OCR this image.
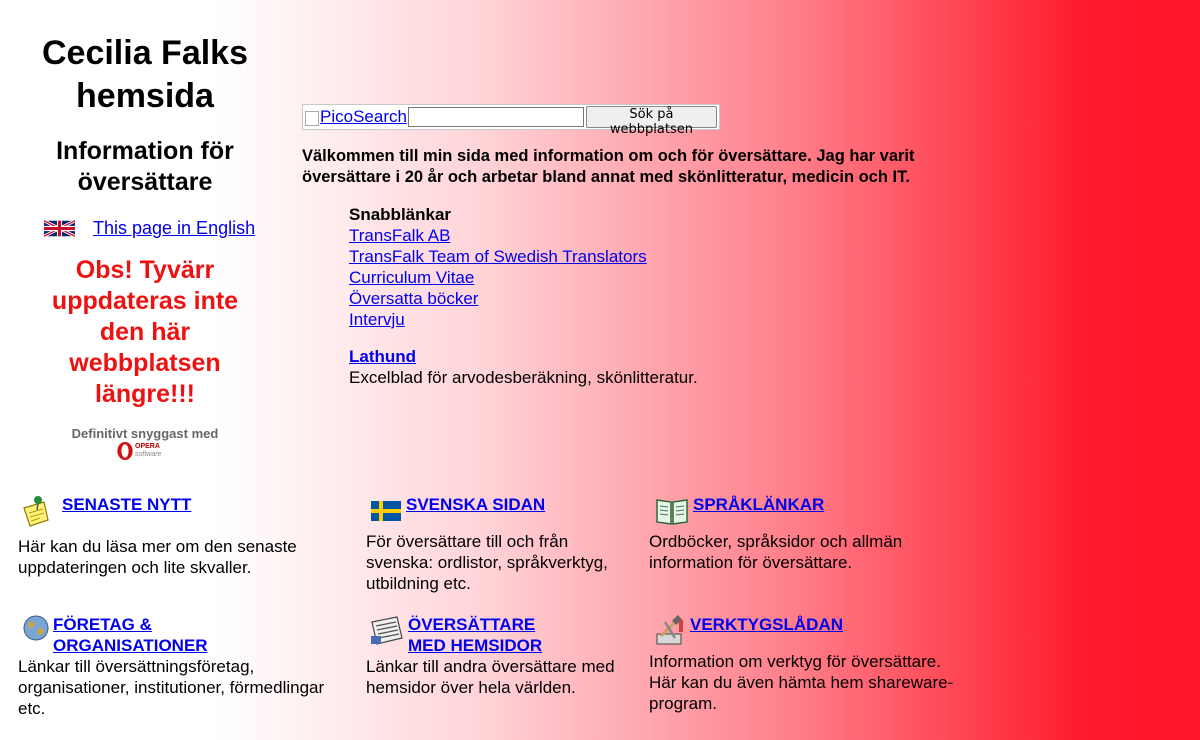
Cecilia Falks
hemsida
Information för
översättare
This page in English
Obs! Tyvärr uppdateras inte den här webbplatsen längre!!!
Definitivt snyggast med
OPERA
software
PicoSearch	Sök på webbplatsen
Välkommen till min sida med information om och för översättare. Jag har varit översättare i 20 år och arbetar bland annat med skönlitteratur, medicin och IT.
Snabblänkar
TransFalk AB
TransFalk Team of Swedish Translators
Curriculum Vitae
Översatta böcker
Intervju
Lathund
Excelblad för arvodesberäkning, skönlitteratur.
SENASTE NYTT
Här kan du läsa mer om den senaste uppdateringen och lite skvaller.
SVENSKA SIDAN
För översättare till och från svenska: ordlistor, språkverktyg, utbildning etc.
SPRÅKLÄNKAR
Ordböcker, språksidor och allmän information för översättare.
FÖRETAG &
ORGANISATIONER
Länkar till översättningsföretag, organisationer, institutioner, förmedlingar etc.
ÖVERSÄTTARE
MED HEMSIDOR
Länkar till andra översättare med hemsidor över hela världen.
VERKTYGSLÅDAN
Information om verktyg för översättare. Här kan du även hämta hem shareware-program.
